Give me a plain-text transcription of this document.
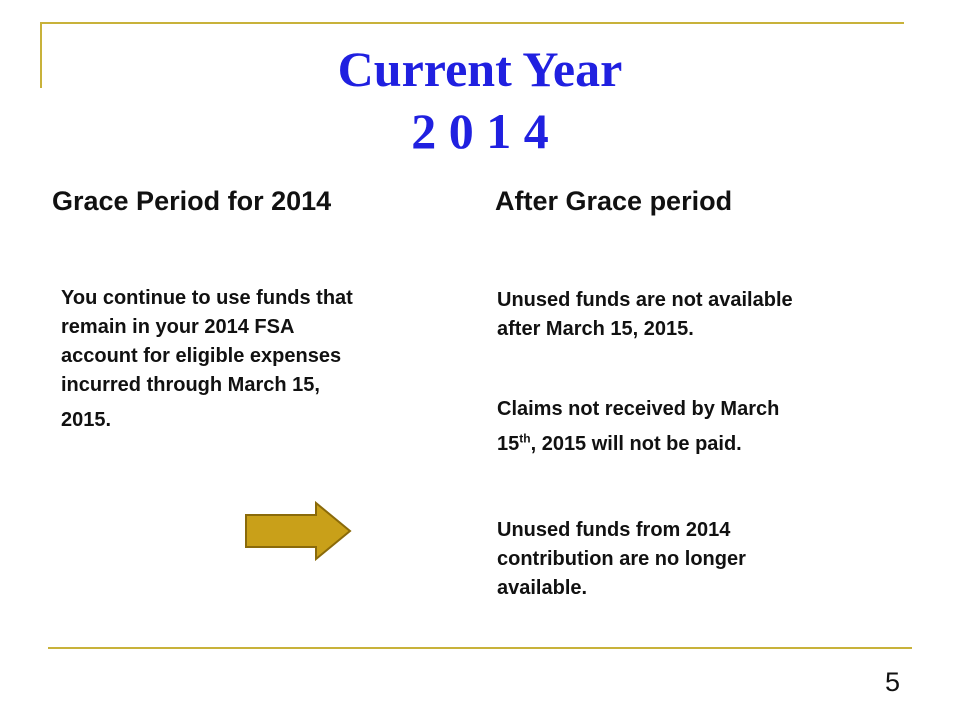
Current Year
2 0 1 4
Grace Period for 2014	After Grace period
You continue to use funds that
remain in your 2014 FSA
account for eligible expenses
incurred through March 15,
2015.
Unused funds are not available
after March 15, 2015.
Claims not received by March
15th, 2015 will not be paid.
Unused funds from 2014
contribution are no longer
available.
5
